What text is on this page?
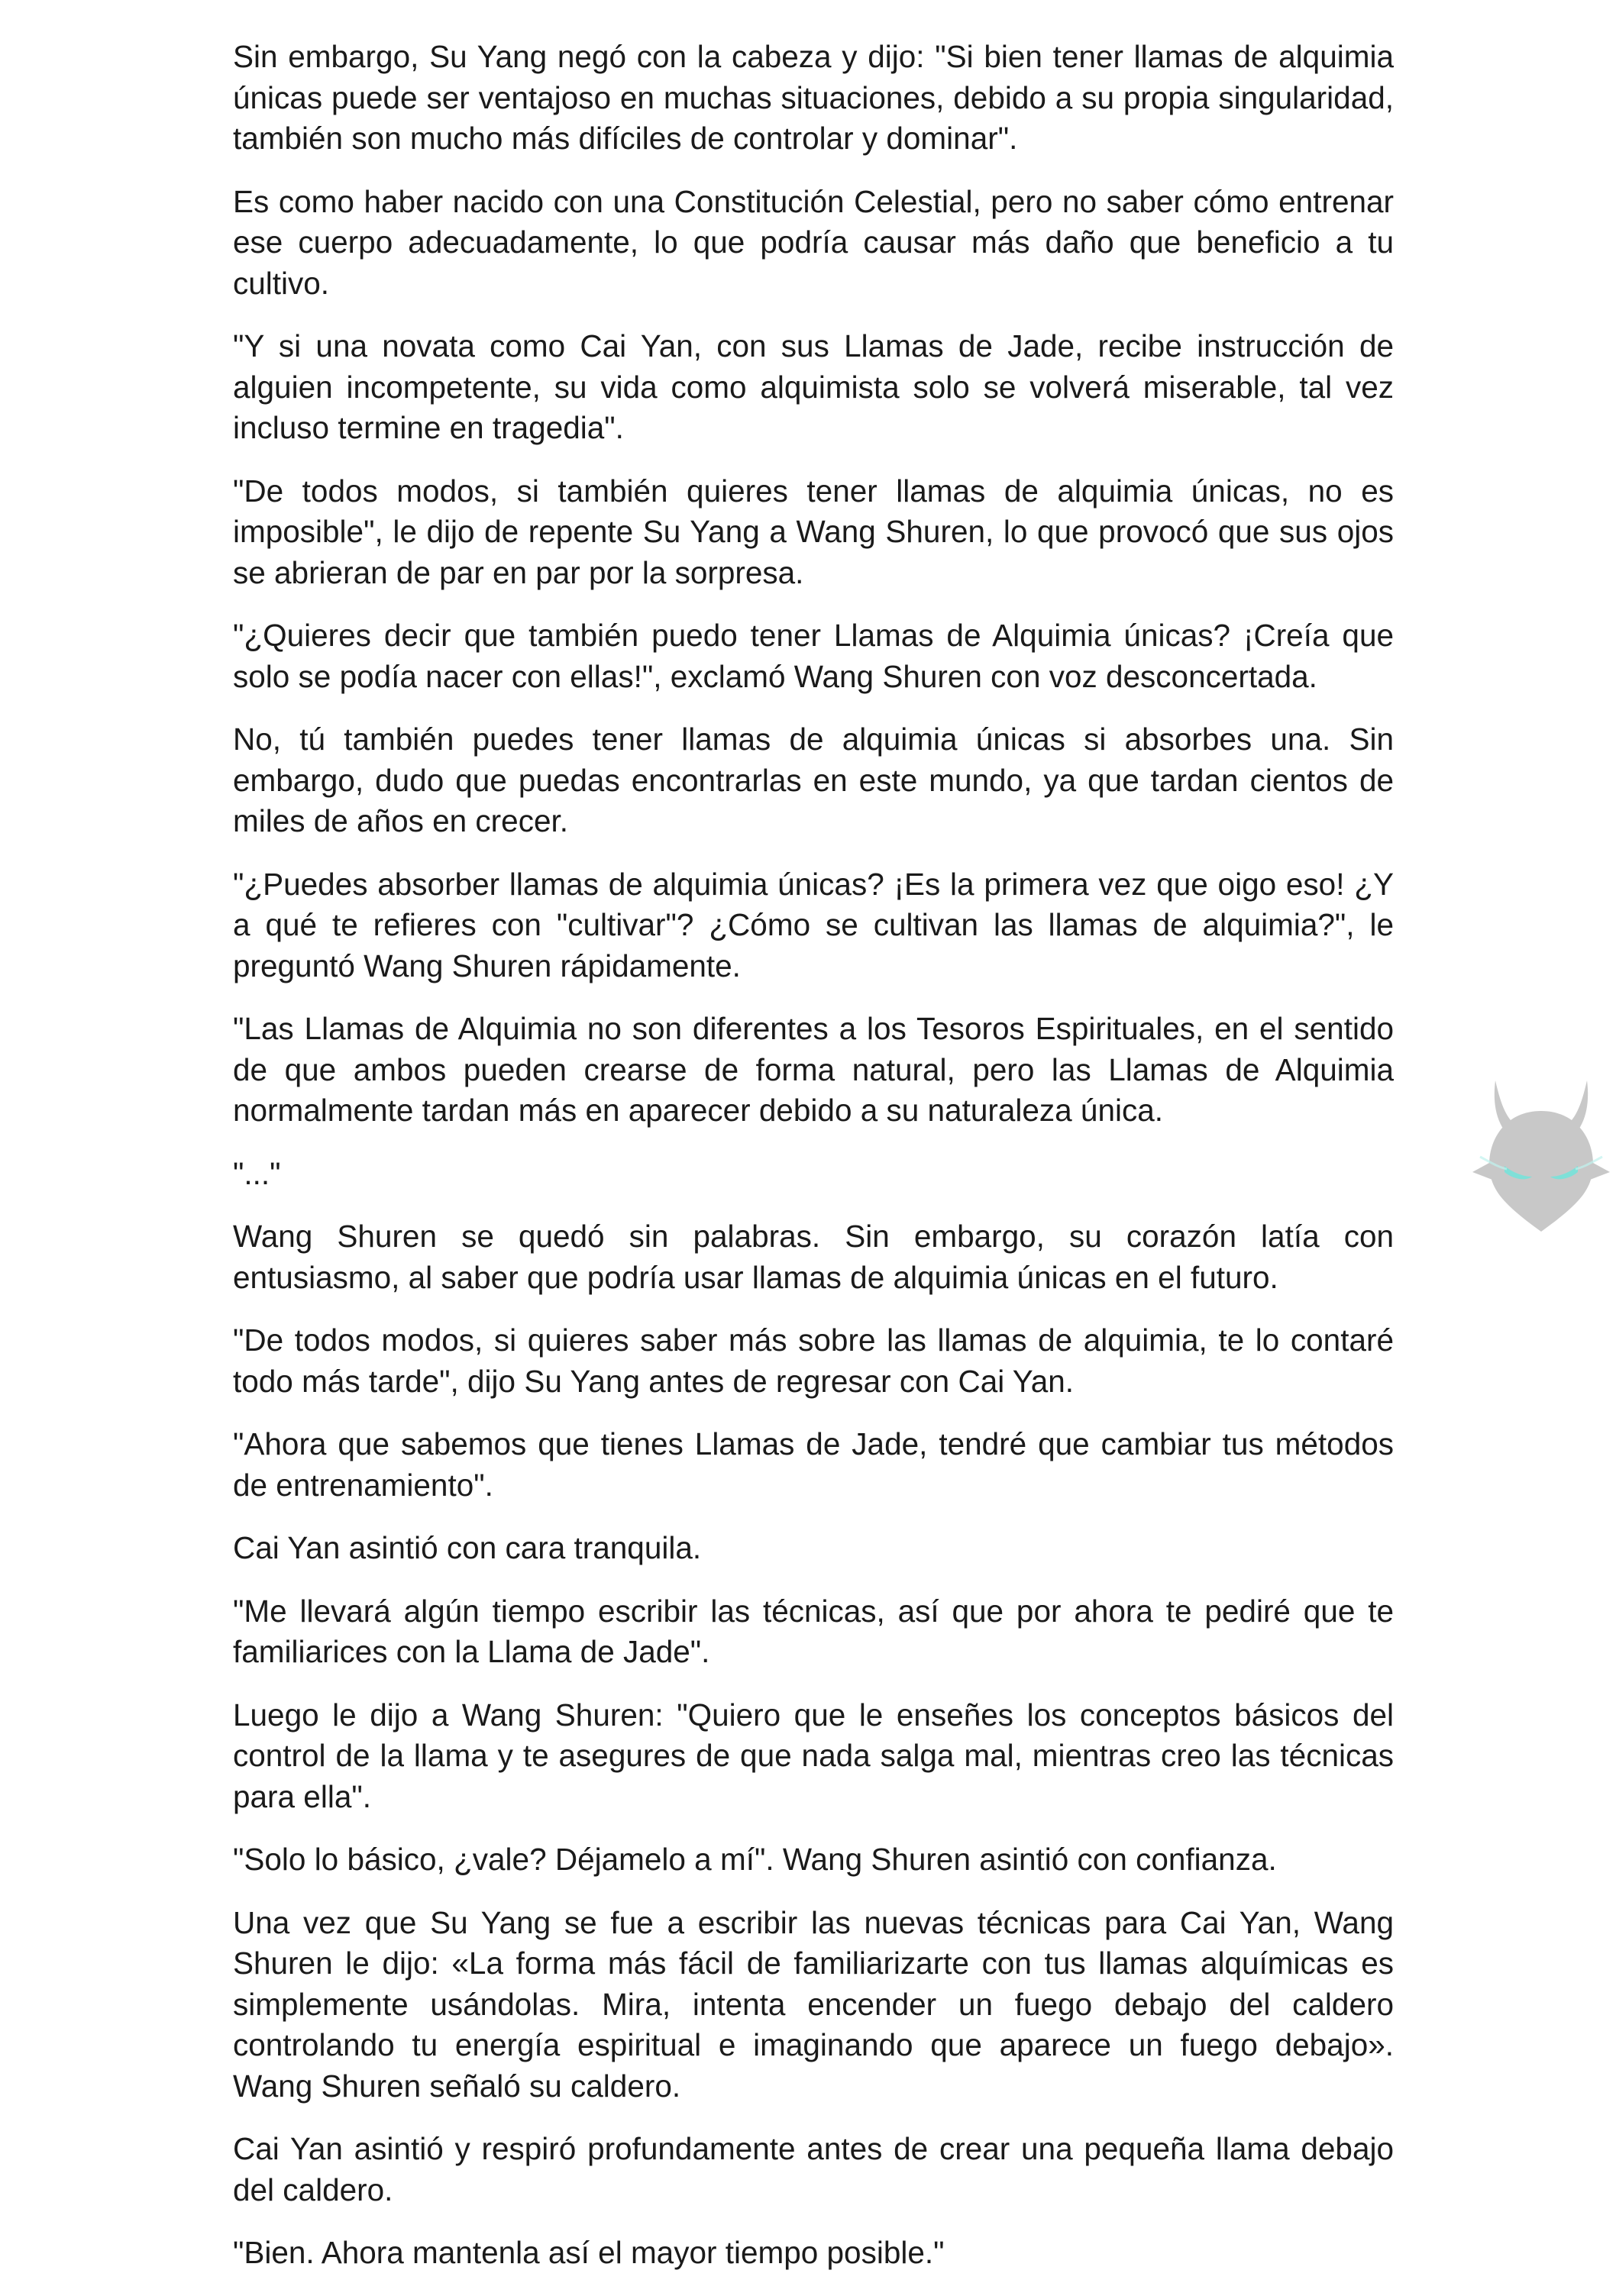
Sin embargo, Su Yang negó con la cabeza y dijo: "Si bien tener llamas de alquimia únicas puede ser ventajoso en muchas situaciones, debido a su propia singularidad, también son mucho más difíciles de controlar y dominar".

Es como haber nacido con una Constitución Celestial, pero no saber cómo entrenar ese cuerpo adecuadamente, lo que podría causar más daño que beneficio a tu cultivo.

"Y si una novata como Cai Yan, con sus Llamas de Jade, recibe instrucción de alguien incompetente, su vida como alquimista solo se volverá miserable, tal vez incluso termine en tragedia".

"De todos modos, si también quieres tener llamas de alquimia únicas, no es imposible", le dijo de repente Su Yang a Wang Shuren, lo que provocó que sus ojos se abrieran de par en par por la sorpresa.

"¿Quieres decir que también puedo tener Llamas de Alquimia únicas? ¡Creía que solo se podía nacer con ellas!", exclamó Wang Shuren con voz desconcertada.

No, tú también puedes tener llamas de alquimia únicas si absorbes una. Sin embargo, dudo que puedas encontrarlas en este mundo, ya que tardan cientos de miles de años en crecer.

"¿Puedes absorber llamas de alquimia únicas? ¡Es la primera vez que oigo eso! ¿Y a qué te refieres con "cultivar"? ¿Cómo se cultivan las llamas de alquimia?", le preguntó Wang Shuren rápidamente.

"Las Llamas de Alquimia no son diferentes a los Tesoros Espirituales, en el sentido de que ambos pueden crearse de forma natural, pero las Llamas de Alquimia normalmente tardan más en aparecer debido a su naturaleza única.

"..."

Wang Shuren se quedó sin palabras. Sin embargo, su corazón latía con entusiasmo, al saber que podría usar llamas de alquimia únicas en el futuro.

"De todos modos, si quieres saber más sobre las llamas de alquimia, te lo contaré todo más tarde", dijo Su Yang antes de regresar con Cai Yan.

"Ahora que sabemos que tienes Llamas de Jade, tendré que cambiar tus métodos de entrenamiento".

Cai Yan asintió con cara tranquila.

"Me llevará algún tiempo escribir las técnicas, así que por ahora te pediré que te familiarices con la Llama de Jade".

Luego le dijo a Wang Shuren: "Quiero que le enseñes los conceptos básicos del control de la llama y te asegures de que nada salga mal, mientras creo las técnicas para ella".

"Solo lo básico, ¿vale? Déjamelo a mí". Wang Shuren asintió con confianza.

Una vez que Su Yang se fue a escribir las nuevas técnicas para Cai Yan, Wang Shuren le dijo: «La forma más fácil de familiarizarte con tus llamas alquímicas es simplemente usándolas. Mira, intenta encender un fuego debajo del caldero controlando tu energía espiritual e imaginando que aparece un fuego debajo». Wang Shuren señaló su caldero.

Cai Yan asintió y respiró profundamente antes de crear una pequeña llama debajo del caldero.

"Bien. Ahora mantenla así el mayor tiempo posible."
